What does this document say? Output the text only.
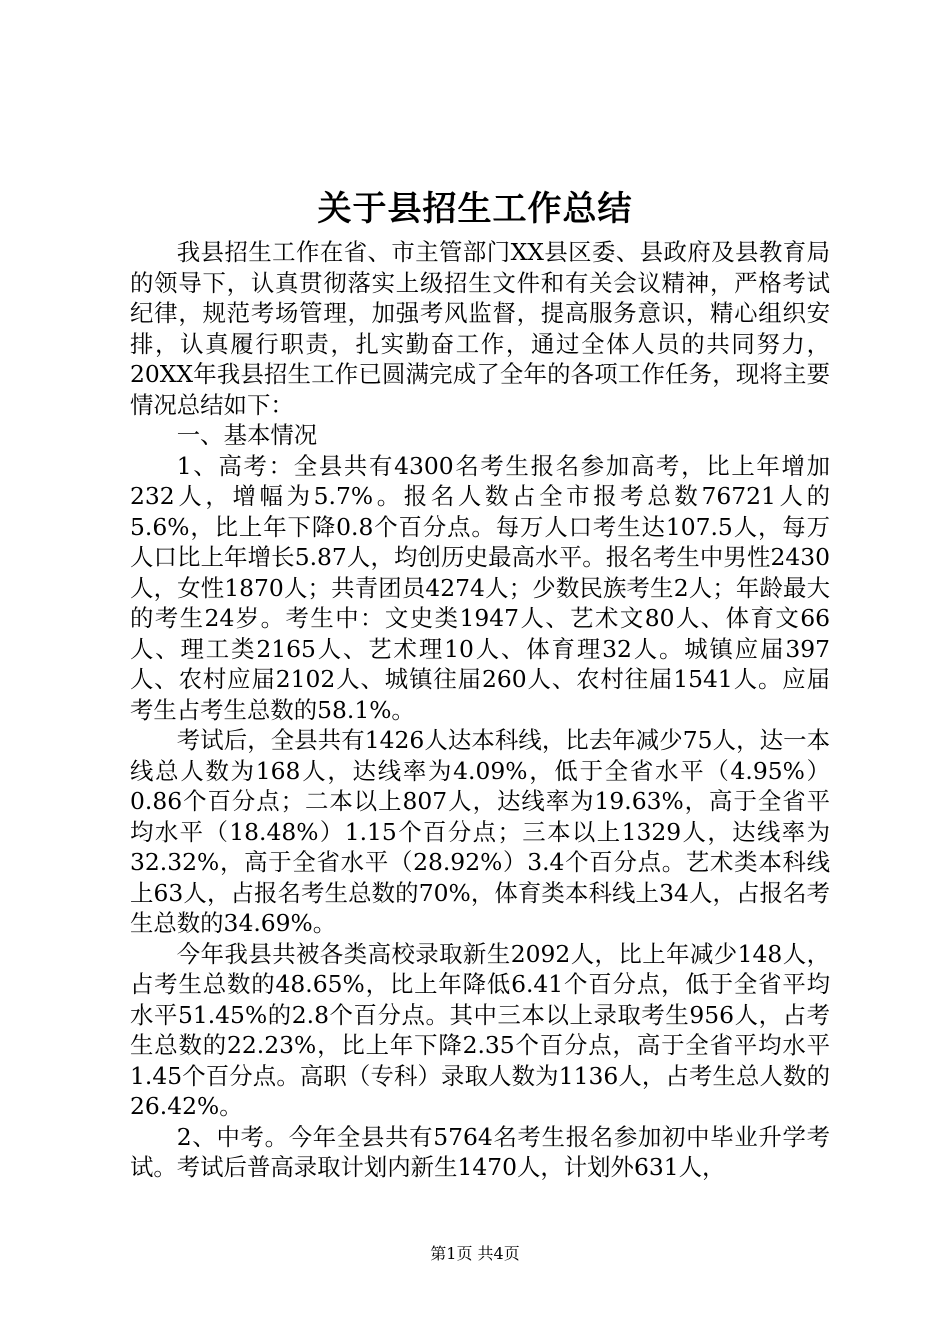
关于县招生工作总结

我县招生工作在省、市主管部门XX县区委、县政府及县教育局的领导下，认真贯彻落实上级招生文件和有关会议精神，严格考试纪律，规范考场管理，加强考风监督，提高服务意识，精心组织安排，认真履行职责，扎实勤奋工作，通过全体人员的共同努力，20XX年我县招生工作已圆满完成了全年的各项工作任务，现将主要情况总结如下：

一、基本情况

1、高考：全县共有4300名考生报名参加高考，比上年增加232人，增幅为5.7%。报名人数占全市报考总数76721人的5.6%，比上年下降0.8个百分点。每万人口考生达107.5人，每万人口比上年增长5.87人，均创历史最高水平。报名考生中男性2430人，女性1870人；共青团员4274人；少数民族考生2人；年龄最大的考生24岁。考生中：文史类1947人、艺术文80人、体育文66人、理工类2165人、艺术理10人、体育理32人。城镇应届397人、农村应届2102人、城镇往届260人、农村往届1541人。应届考生占考生总数的58.1%。

考试后，全县共有1426人达本科线，比去年减少75人，达一本线总人数为168人，达线率为4.09%，低于全省水平（4.95%）0.86个百分点；二本以上807人，达线率为19.63%，高于全省平均水平（18.48%）1.15个百分点；三本以上1329人，达线率为32.32%，高于全省水平（28.92%）3.4个百分点。艺术类本科线上63人，占报名考生总数的70%，体育类本科线上34人，占报名考生总数的34.69%。

今年我县共被各类高校录取新生2092人，比上年减少148人，占考生总数的48.65%，比上年降低6.41个百分点，低于全省平均水平51.45%的2.8个百分点。其中三本以上录取考生956人，占考生总数的22.23%，比上年下降2.35个百分点，高于全省平均水平1.45个百分点。高职（专科）录取人数为1136人，占考生总人数的26.42%。

2、中考。今年全县共有5764名考生报名参加初中毕业升学考试。考试后普高录取计划内新生1470人，计划外631人，

第1页 共4页
